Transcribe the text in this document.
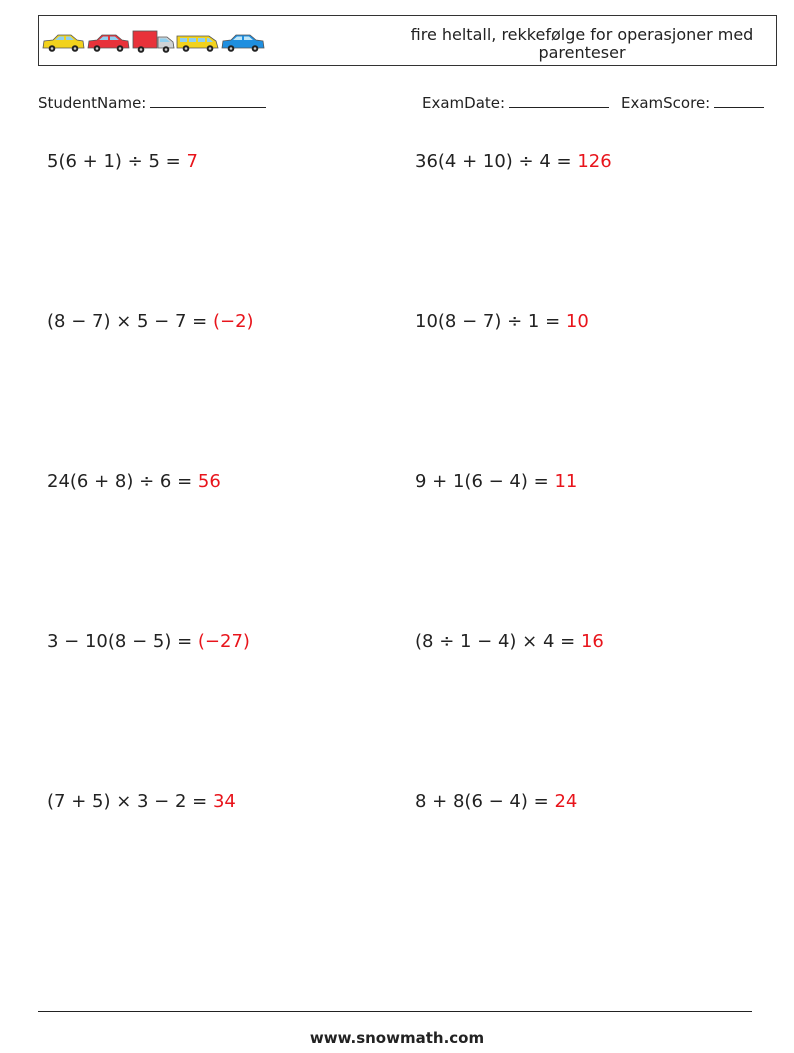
fire heltall, rekkefølge for operasjoner med parenteser
StudentName:	ExamDate:	ExamScore:
5(6 + 1) ÷ 5 = 7	36(4 + 10) ÷ 4 = 126
(8 − 7) × 5 − 7 = (−2)	10(8 − 7) ÷ 1 = 10
24(6 + 8) ÷ 6 = 56	9 + 1(6 − 4) = 11
3 − 10(8 − 5) = (−27)	(8 ÷ 1 − 4) × 4 = 16
(7 + 5) × 3 − 2 = 34	8 + 8(6 − 4) = 24
www.snowmath.com
